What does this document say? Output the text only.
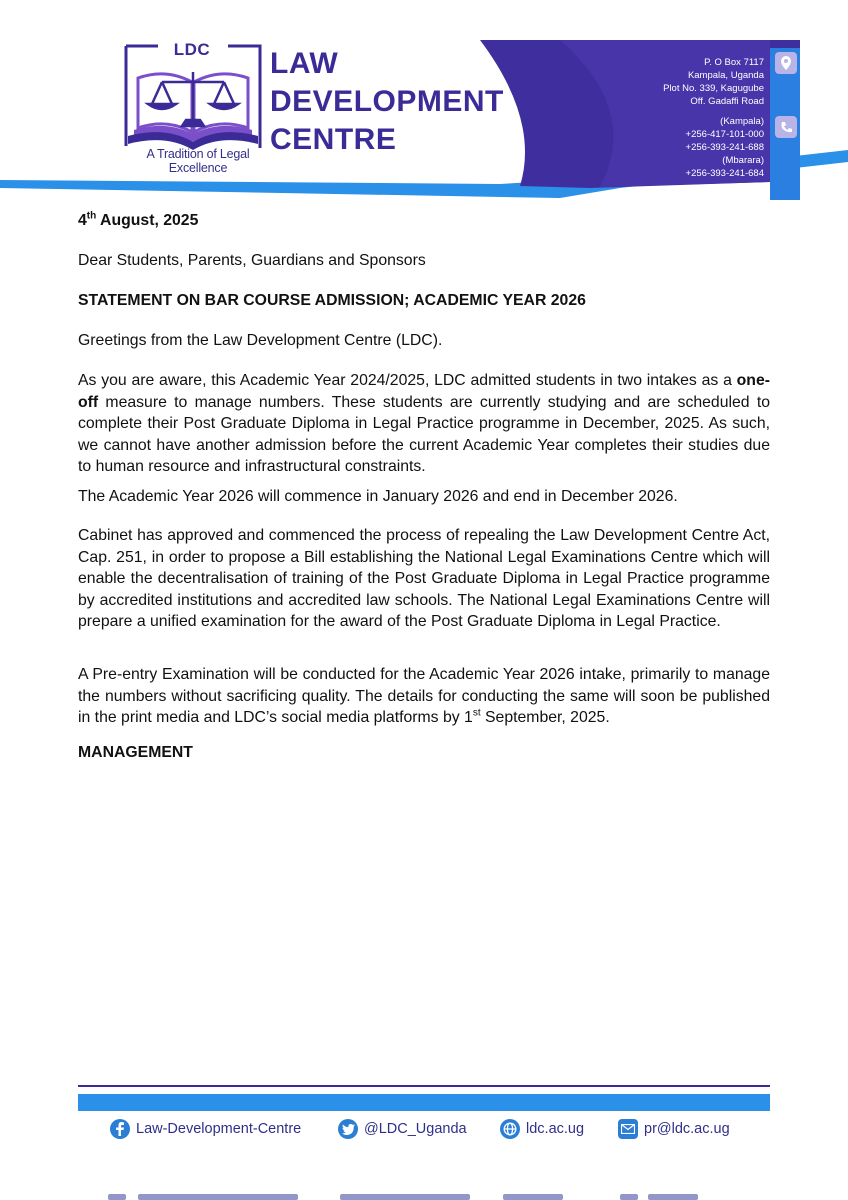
LDC
A Tradition of Legal Excellence
LAW
DEVELOPMENT
CENTRE
P. O Box 7117
Kampala, Uganda
Plot No. 339, Kagugube
Off. Gadaffi Road
(Kampala)
+256-417-101-000
+256-393-241-688
(Mbarara)
+256-393-241-684
4th August, 2025
Dear Students, Parents, Guardians and Sponsors
STATEMENT ON BAR COURSE ADMISSION; ACADEMIC YEAR 2026
Greetings from the Law Development Centre (LDC).
As you are aware, this Academic Year 2024/2025, LDC admitted students in two intakes as a one-off measure to manage numbers. These students are currently studying and are scheduled to complete their Post Graduate Diploma in Legal Practice programme in December, 2025. As such, we cannot have another admission before the current Academic Year completes their studies due to human resource and infrastructural constraints.
The Academic Year 2026 will commence in January 2026 and end in December 2026.
Cabinet has approved and commenced the process of repealing the Law Development Centre Act, Cap. 251, in order to propose a Bill establishing the National Legal Examinations Centre which will enable the decentralisation of training of the Post Graduate Diploma in Legal Practice programme by accredited institutions and accredited law schools. The National Legal Examinations Centre will prepare a unified examination for the award of the Post Graduate Diploma in Legal Practice.
A Pre-entry Examination will be conducted for the Academic Year 2026 intake, primarily to manage the numbers without sacrificing quality. The details for conducting the same will soon be published in the print media and LDC’s social media platforms by 1st September, 2025.
MANAGEMENT
Law-Development-Centre	@LDC_Uganda	ldc.ac.ug	pr@ldc.ac.ug
